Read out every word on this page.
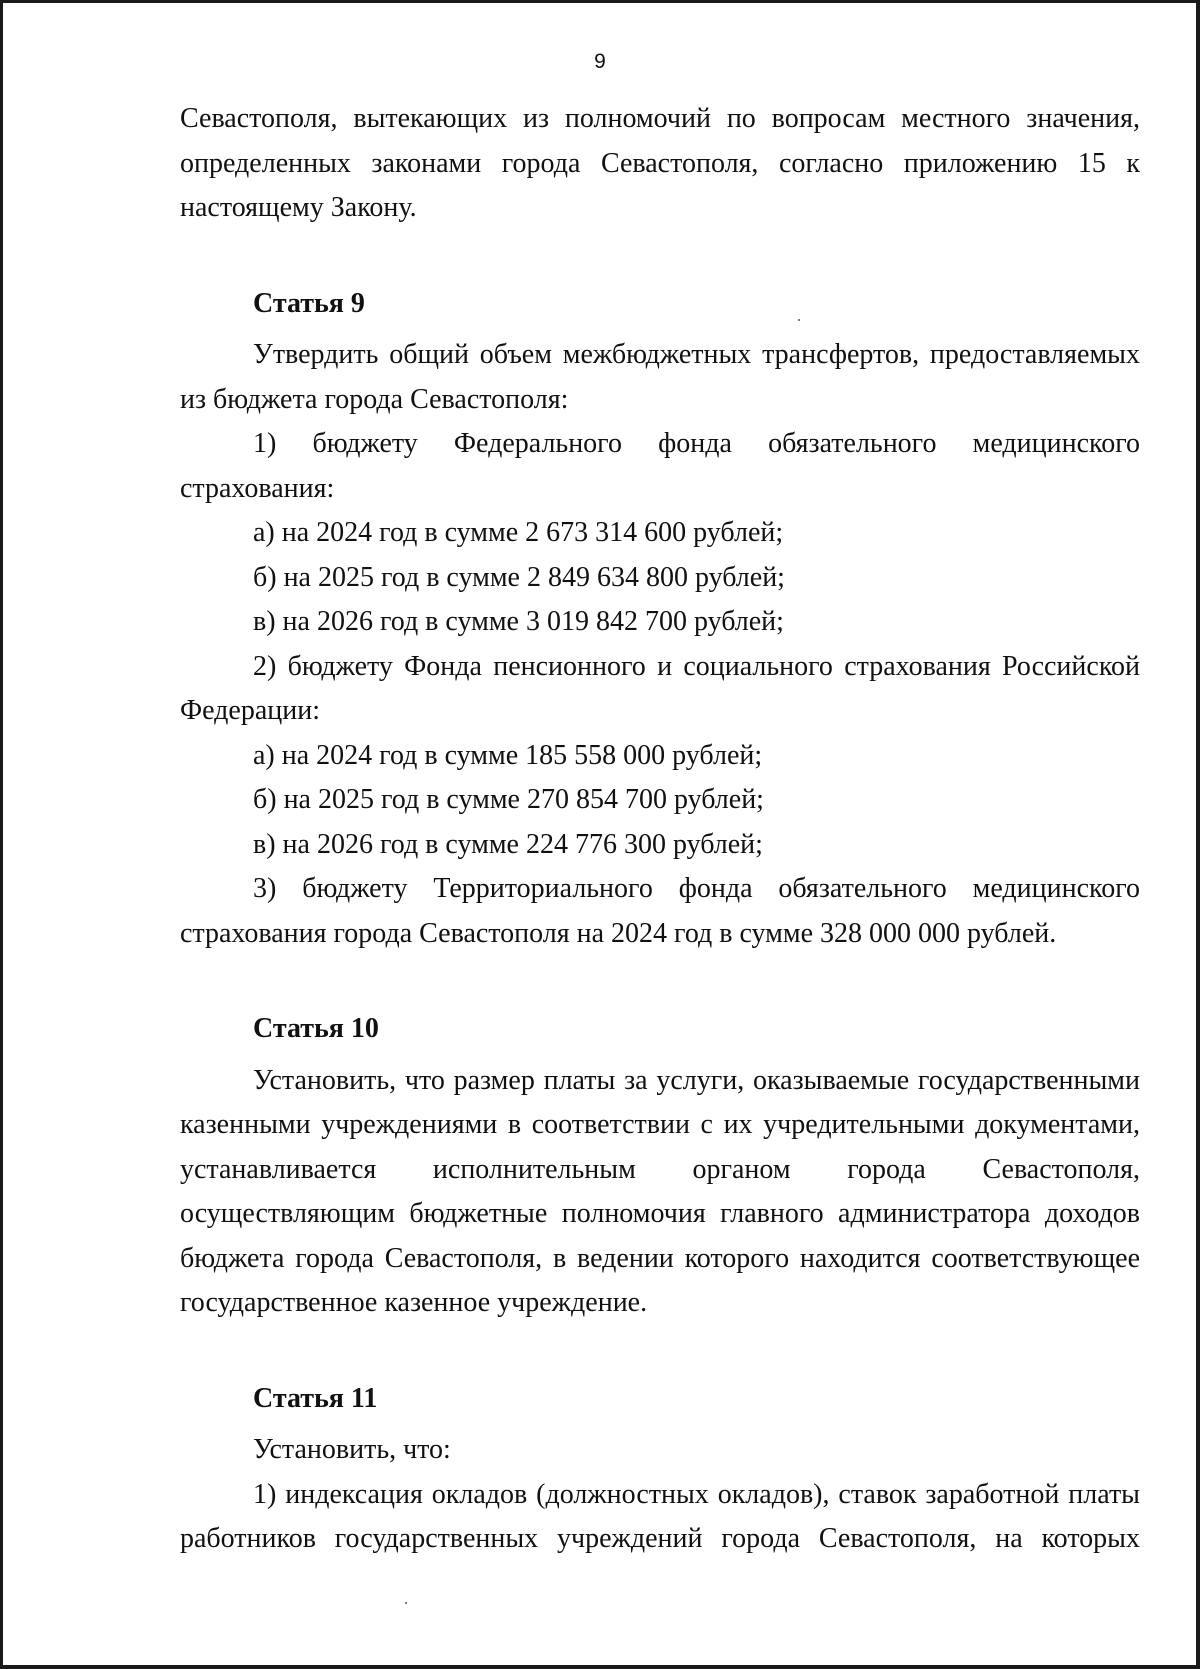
9

Севастополя, вытекающих из полномочий по вопросам местного значения, определенных законами города Севастополя, согласно приложению 15 к настоящему Закону.

Статья 9

Утвердить общий объем межбюджетных трансфертов, предоставляемых из бюджета города Севастополя:

1) бюджету Федерального фонда обязательного медицинского страхования:

а) на 2024 год в сумме 2 673 314 600 рублей;

б) на 2025 год в сумме 2 849 634 800 рублей;

в) на 2026 год в сумме 3 019 842 700 рублей;

2) бюджету Фонда пенсионного и социального страхования Российской Федерации:

а) на 2024 год в сумме 185 558 000 рублей;

б) на 2025 год в сумме 270 854 700 рублей;

в) на 2026 год в сумме 224 776 300 рублей;

3) бюджету Территориального фонда обязательного медицинского страхования города Севастополя на 2024 год в сумме 328 000 000 рублей.

Статья 10

Установить, что размер платы за услуги, оказываемые государственными казенными учреждениями в соответствии с их учредительными документами, устанавливается исполнительным органом города Севастополя, осуществляющим бюджетные полномочия главного администратора доходов бюджета города Севастополя, в ведении которого находится соответствующее государственное казенное учреждение.

Статья 11

Установить, что:

1) индексация окладов (должностных окладов), ставок заработной платы работников государственных учреждений города Севастополя, на которых
